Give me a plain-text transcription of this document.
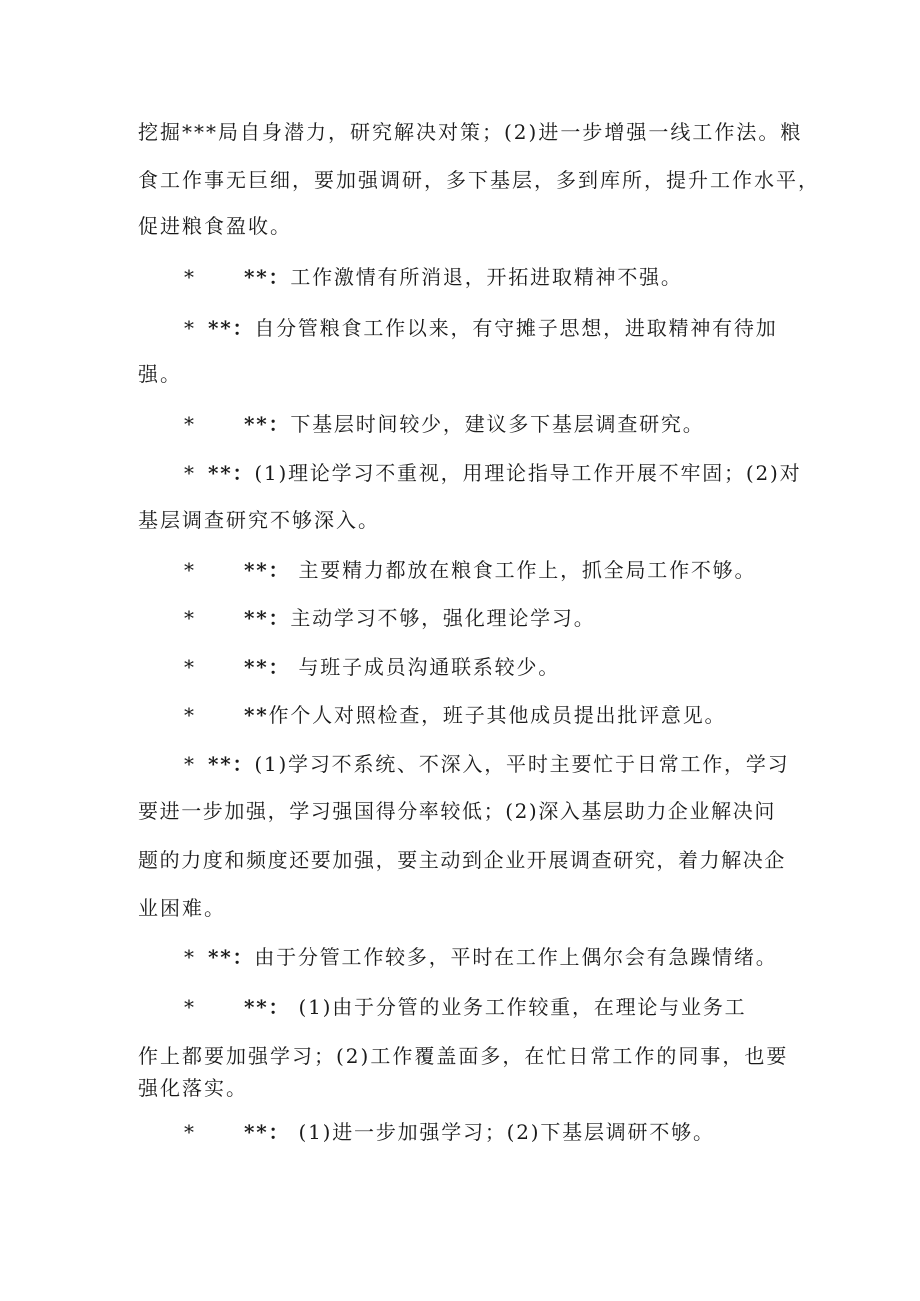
挖掘***局自身潜力，研究解决对策；(2)进一步增强一线工作法。粮

食工作事无巨细，要加强调研，多下基层，多到库所，提升工作水平，

促进粮食盈收。

* **：工作激情有所消退，开拓进取精神不强。

* **：自分管粮食工作以来，有守摊子思想，进取精神有待加

强。

* **：下基层时间较少，建议多下基层调查研究。

* **：(1)理论学习不重视，用理论指导工作开展不牢固；(2)对

基层调查研究不够深入。

* **： 主要精力都放在粮食工作上，抓全局工作不够。

* **：主动学习不够，强化理论学习。

* **： 与班子成员沟通联系较少。

* **作个人对照检查，班子其他成员提出批评意见。

* **：(1)学习不系统、不深入，平时主要忙于日常工作，学习

要进一步加强，学习强国得分率较低；(2)深入基层助力企业解决问

题的力度和频度还要加强，要主动到企业开展调查研究，着力解决企

业困难。

* **：由于分管工作较多，平时在工作上偶尔会有急躁情绪。

* **： (1)由于分管的业务工作较重，在理论与业务工

作上都要加强学习；(2)工作覆盖面多，在忙日常工作的同事，也要

强化落实。

* **： (1)进一步加强学习；(2)下基层调研不够。
